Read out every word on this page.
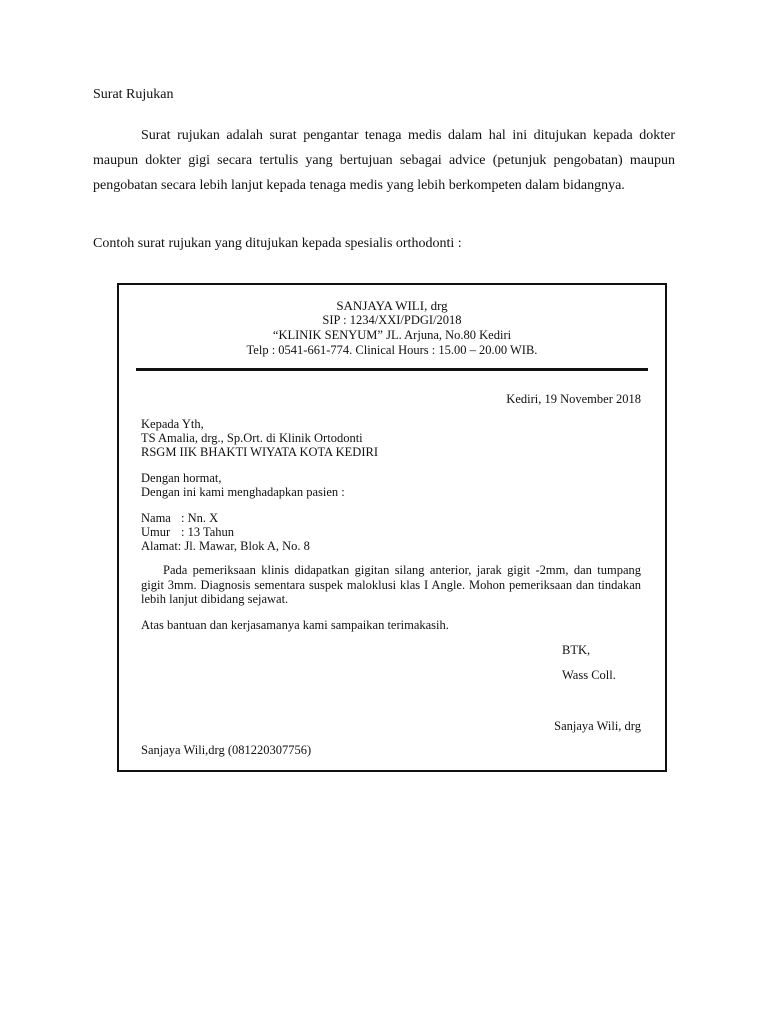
Surat Rujukan
Surat rujukan adalah surat pengantar tenaga medis dalam hal ini ditujukan kepada dokter maupun dokter gigi secara tertulis yang bertujuan sebagai advice (petunjuk pengobatan) maupun pengobatan secara lebih lanjut kepada tenaga medis yang lebih berkompeten dalam bidangnya.
Contoh surat rujukan yang ditujukan kepada spesialis orthodonti :
SANJAYA WILI, drg
SIP : 1234/XXI/PDGI/2018
“KLINIK SENYUM” JL. Arjuna, No.80 Kediri
Telp : 0541-661-774. Clinical Hours : 15.00 – 20.00 WIB.
Kediri, 19 November 2018
Kepada Yth,
TS Amalia, drg., Sp.Ort. di Klinik Ortodonti
RSGM IIK BHAKTI WIYATA KOTA KEDIRI
Dengan hormat,
Dengan ini kami menghadapkan pasien :
Nama : Nn. X
Umur : 13 Tahun
Alamat: Jl. Mawar, Blok A, No. 8
Pada pemeriksaan klinis didapatkan gigitan silang anterior, jarak gigit -2mm, dan tumpang gigit 3mm. Diagnosis sementara suspek maloklusi klas I Angle. Mohon pemeriksaan dan tindakan lebih lanjut dibidang sejawat.
Atas bantuan dan kerjasamanya kami sampaikan terimakasih.
BTK,
Wass Coll.
Sanjaya Wili, drg
Sanjaya Wili,drg (081220307756)
